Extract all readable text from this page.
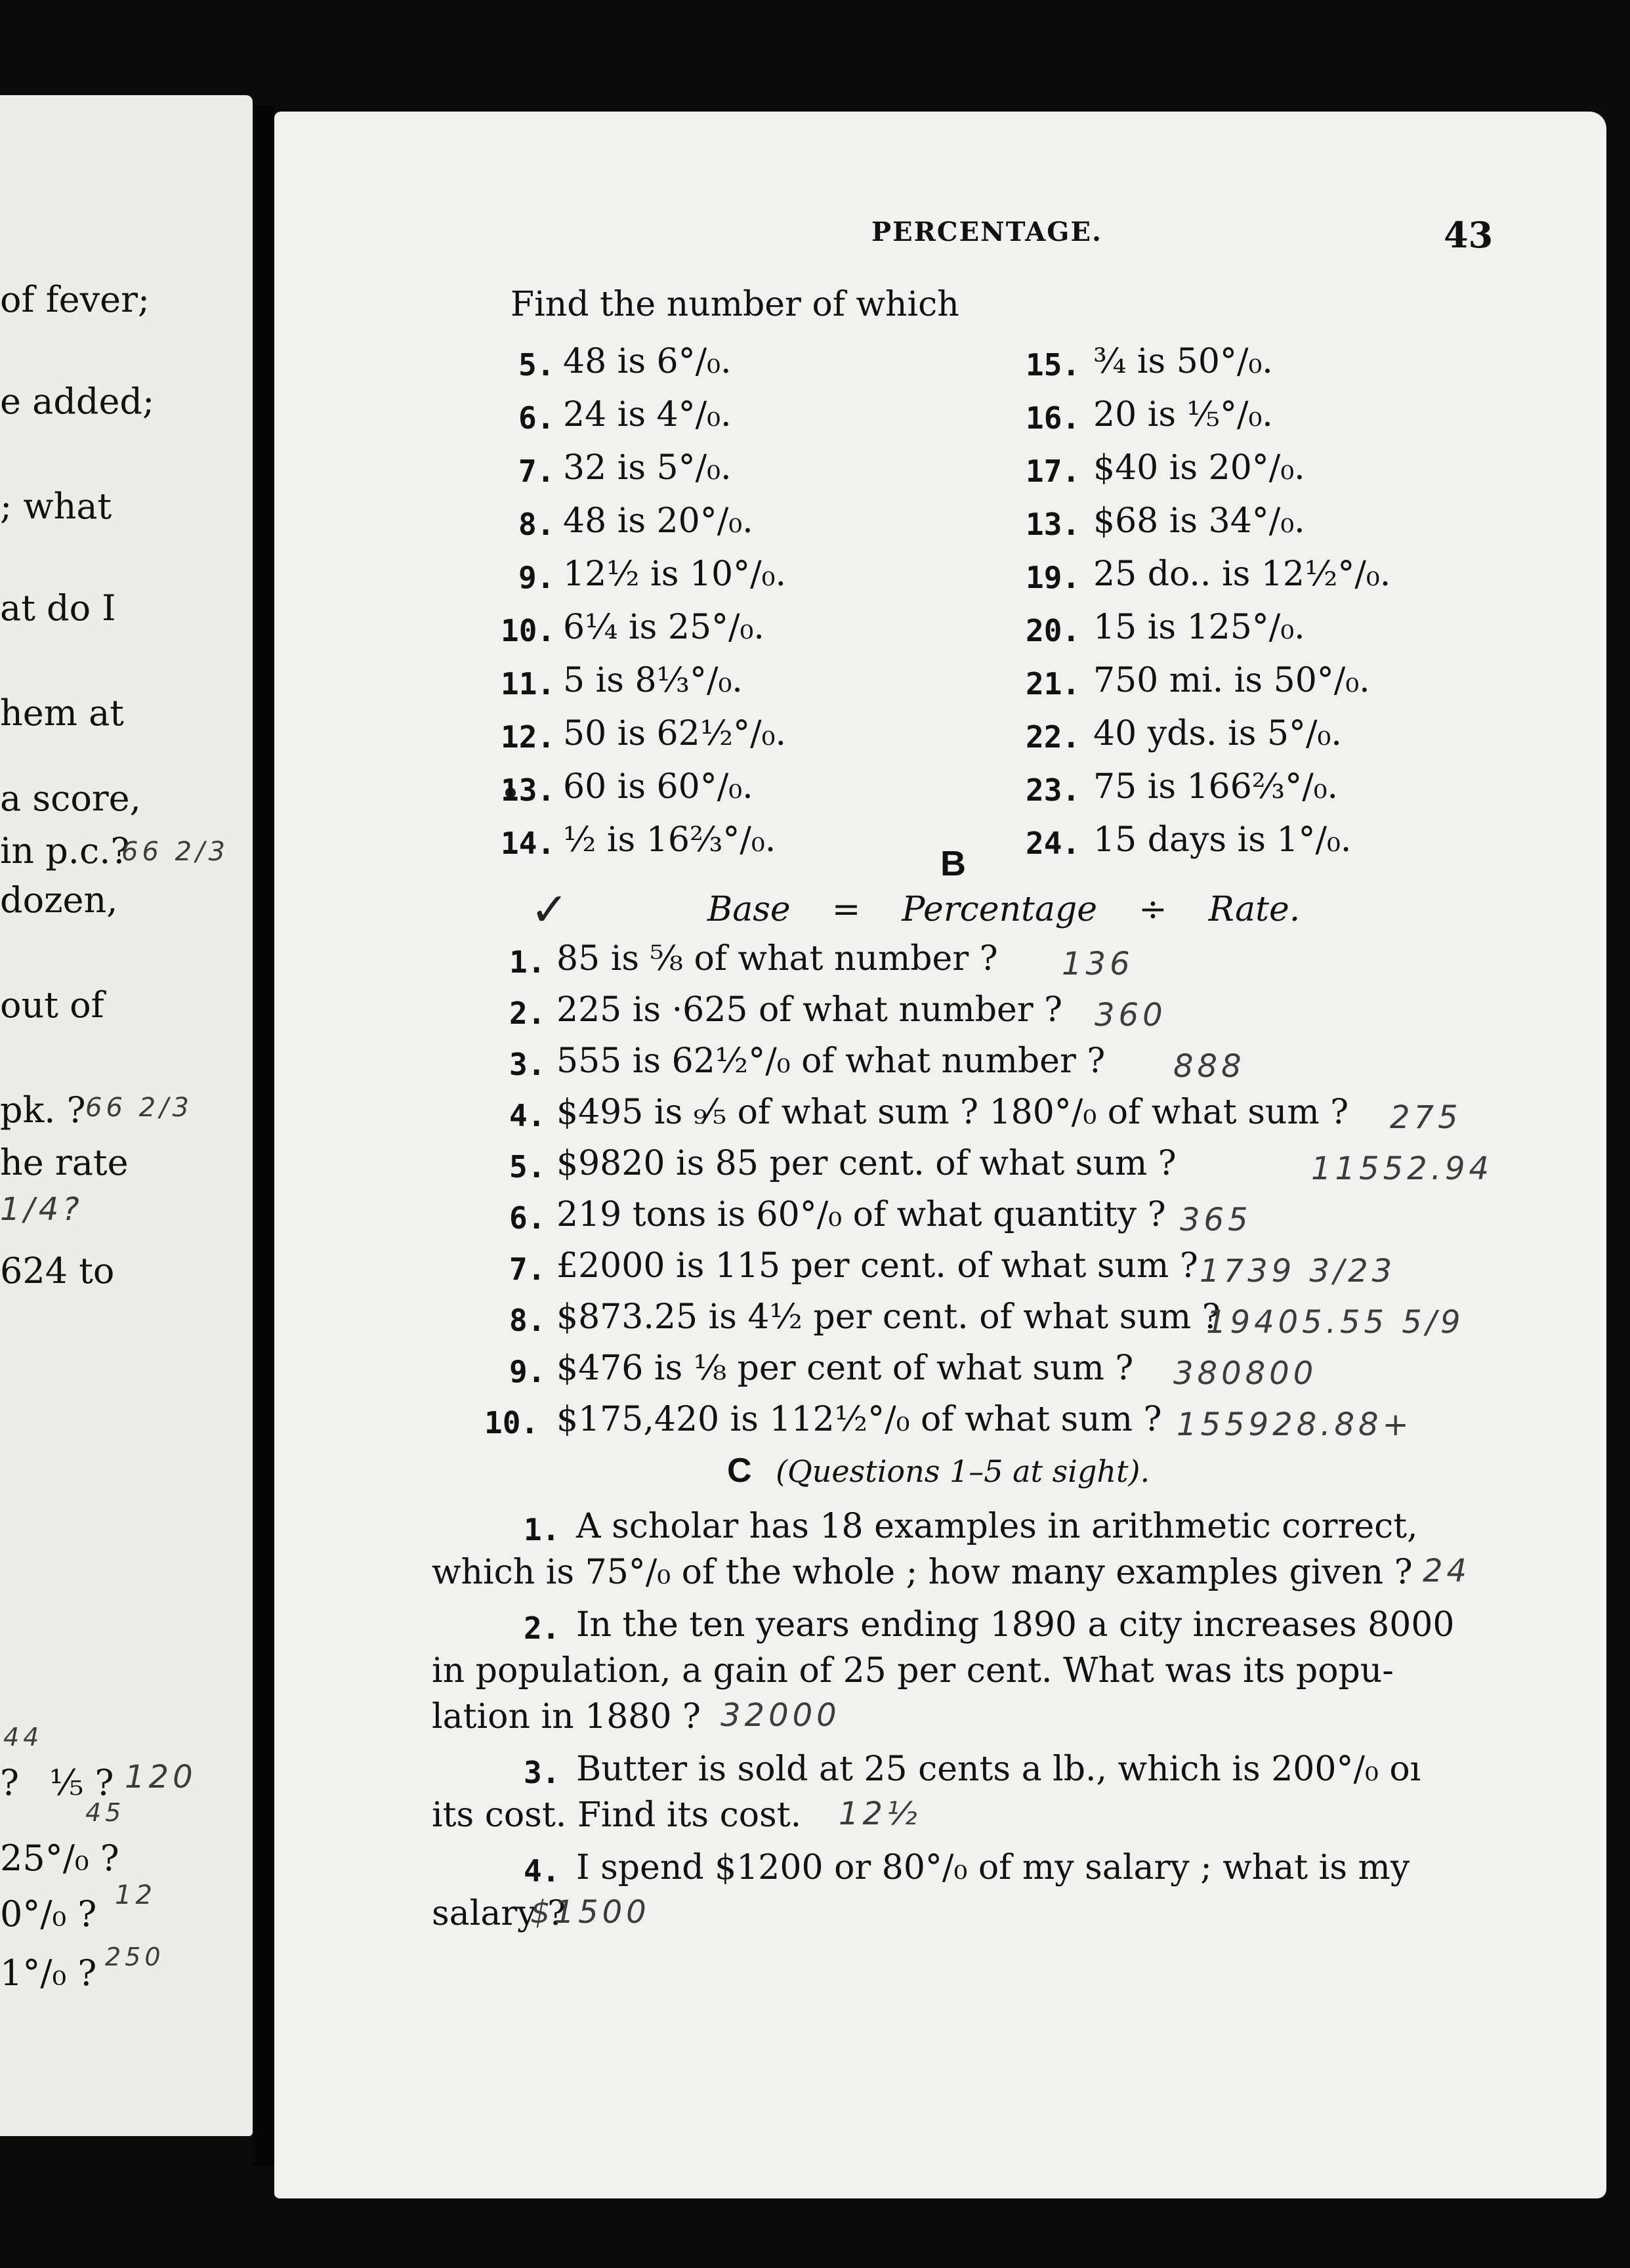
of fever;
e added;
; what
at do I
hem at
a score,
in p.c.?
66 2/3
dozen,
out of
pk. ? 66 2/3
he rate
1/4?
624 to
44
? ⅕ ? 120
45
25°/₀ ?
0°/₀ ? 12
1°/₀ ? 250
PERCENTAGE.	43
Find the number of which
B
✓	Base = Percentage ÷ Rate.
C (Questions 1–5 at sight).
5. 48 is 6°/₀.	15. ¾ is 50°/₀.
6. 24 is 4°/₀.	16. 20 is ⅕°/₀.
7. 32 is 5°/₀.	17. $40 is 20°/₀.
8. 48 is 20°/₀.	13. $68 is 34°/₀.
9. 12½ is 10°/₀.	19. 25 do.. is 12½°/₀.
10. 6¼ is 25°/₀.	20. 15 is 125°/₀.
11. 5 is 8⅓°/₀.	21. 750 mi. is 50°/₀.
12. 50 is 62½°/₀.	22. 40 yds. is 5°/₀.
13. 60 is 60°/₀.	23. 75 is 166⅔°/₀.
14. ½ is 16⅔°/₀.	24. 15 days is 1°/₀.
1. 85 is ⅝ of what number ? 136
2. 225 is ·625 of what number ? 360
3. 555 is 62½°/₀ of what number ? 888
4. $495 is ₉⁄₅ of what sum ? 180°/₀ of what sum ? 275
5. $9820 is 85 per cent. of what sum ?	11552.94
6. 219 tons is 60°/₀ of what quantity ? 365
7. £2000 is 115 per cent. of what sum ? 1739 3/23
8. $873.25 is 4½ per cent. of what sum ?
19405.55 5/9
9. $476 is ⅛ per cent of what sum ? 380800
10. $175,420 is 112½°/₀ of what sum ? 155928.88+
1. A scholar has 18 examples in arithmetic correct,
which is 75°/₀ of the whole ; how many examples given ? 24
2. In the ten years ending 1890 a city increases 8000
in population, a gain of 25 per cent. What was its popu-
lation in 1880 ? 32000
3. Butter is sold at 25 cents a lb., which is 200°/₀ oı
its cost. Find its cost. 12½
4. I spend $1200 or 80°/₀ of my salary ; what is my
salary ?
$1500
